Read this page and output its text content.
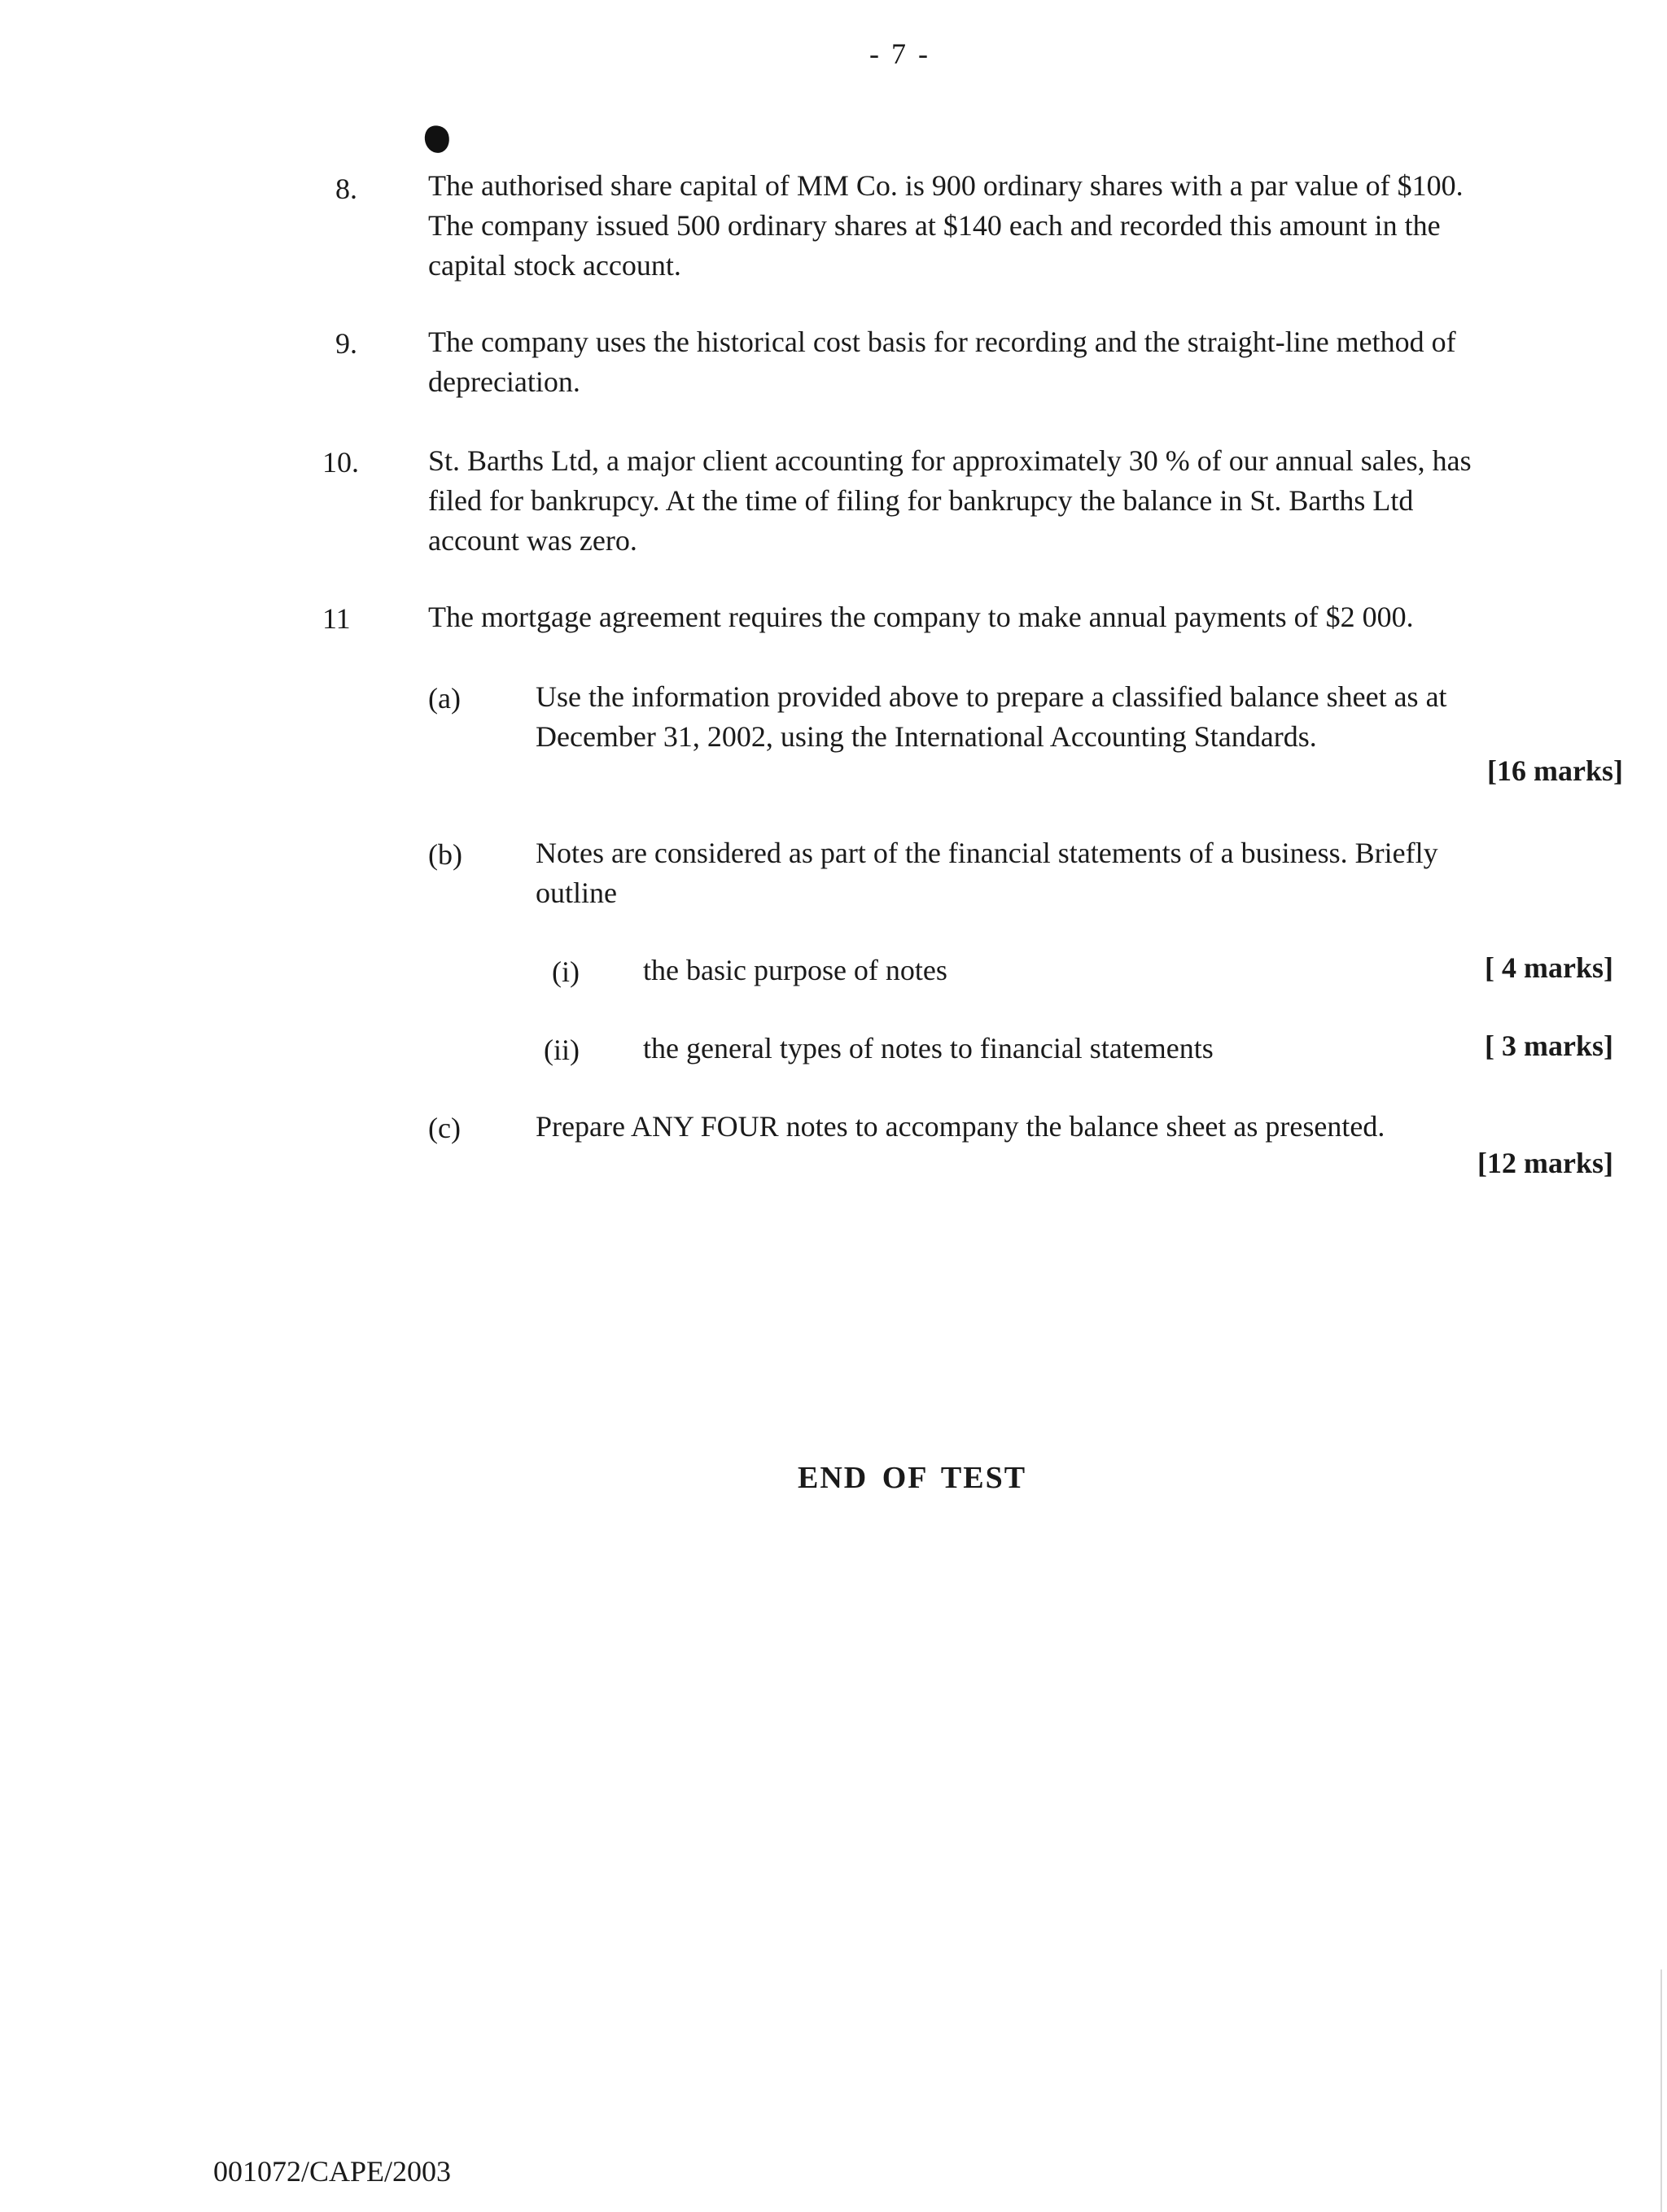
- 7 -
8. The authorised share capital of MM Co. is 900 ordinary shares with a par value of $100.
The company issued 500 ordinary shares at $140 each and recorded this amount in the
capital stock account.
9. The company uses the historical cost basis for recording and the straight-line method of
depreciation.
10. St. Barths Ltd, a major client accounting for approximately 30 % of our annual sales, has
filed for bankrupcy. At the time of filing for bankrupcy the balance in St. Barths Ltd
account was zero.
11	The mortgage agreement requires the company to make annual payments of $2 000.
(a)	Use the information provided above to prepare a classified balance sheet as at
December 31, 2002, using the International Accounting Standards.
[16 marks]
(b)	Notes are considered as part of the financial statements of a business. Briefly
outline
(i) the basic purpose of notes	[ 4 marks]
(ii) the general types of notes to financial statements	[ 3 marks]
(c)	Prepare ANY FOUR notes to accompany the balance sheet as presented.
[12 marks]
END OF TEST
001072/CAPE/2003
